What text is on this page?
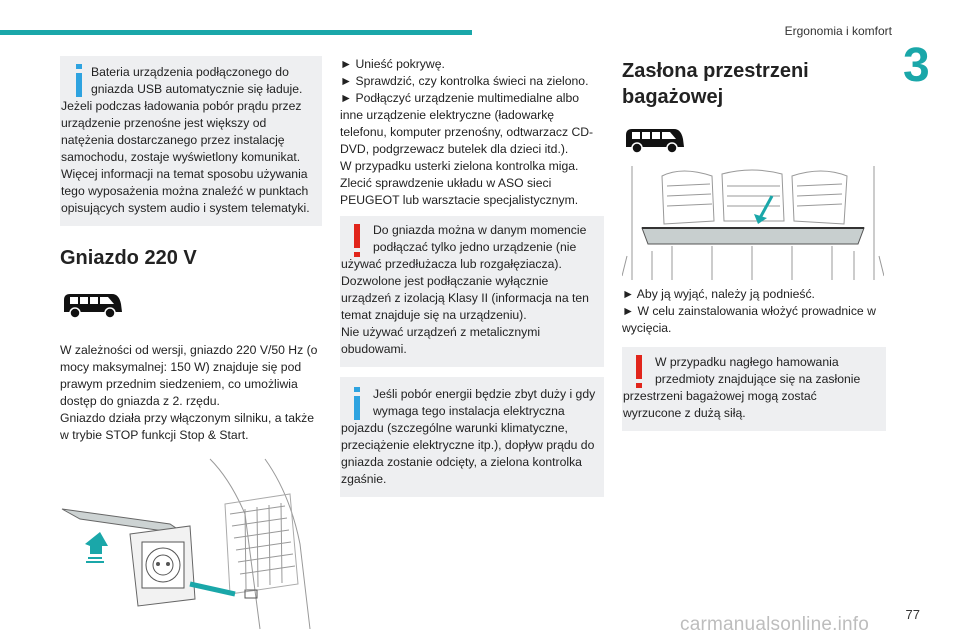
Ergonomia i komfort
3

Bateria urządzenia podłączonego do

gniazda USB automatycznie się ładuje.

Jeżeli podczas ładowania pobór prądu przez urządzenie przenośne jest większy od natężenia dostarczanego przez instalację samochodu, zostaje wyświetlony komunikat. Więcej informacji na temat sposobu używania tego wyposażenia można znaleźć w punktach opisujących system audio i system telematyki.

Gniazdo 220 V

W zależności od wersji, gniazdo 220 V/50 Hz (o mocy maksymalnej: 150 W) znajduje się pod prawym przednim siedzeniem, co umożliwia dostęp do gniazda z 2. rzędu.

Gniazdo działa przy włączonym silniku, a także w trybie STOP funkcji Stop & Start.

► Unieść pokrywę.

► Sprawdzić, czy kontrolka świeci na zielono.

► Podłączyć urządzenie multimedialne albo inne urządzenie elektryczne (ładowarkę telefonu, komputer przenośny, odtwarzacz CD-DVD, podgrzewacz butelek dla dzieci itd.).

W przypadku usterki zielona kontrolka miga. Zlecić sprawdzenie układu w ASO sieci PEUGEOT lub warsztacie specjalistycznym.

Do gniazda można w danym momencie

podłączać tylko jedno urządzenie (nie

używać przedłużacza lub rozgałęziacza). Dozwolone jest podłączanie wyłącznie urządzeń z izolacją Klasy II (informacja na ten temat znajduje się na urządzeniu).

Nie używać urządzeń z metalicznymi obudowami.

Jeśli pobór energii będzie zbyt duży i gdy

wymaga tego instalacja elektryczna

pojazdu (szczególne warunki klimatyczne, przeciążenie elektryczne itp.), dopływ prądu do gniazda zostanie odcięty, a zielona kontrolka zgaśnie.

Zasłona przestrzeni
bagażowej

► Aby ją wyjąć, należy ją podnieść.

► W celu zainstalowania włożyć prowadnice w wycięcia.

W przypadku nagłego hamowania

przedmioty znajdujące się na zasłonie

przestrzeni bagażowej mogą zostać wyrzucone z dużą siłą.

carmanualsonline.info	77
